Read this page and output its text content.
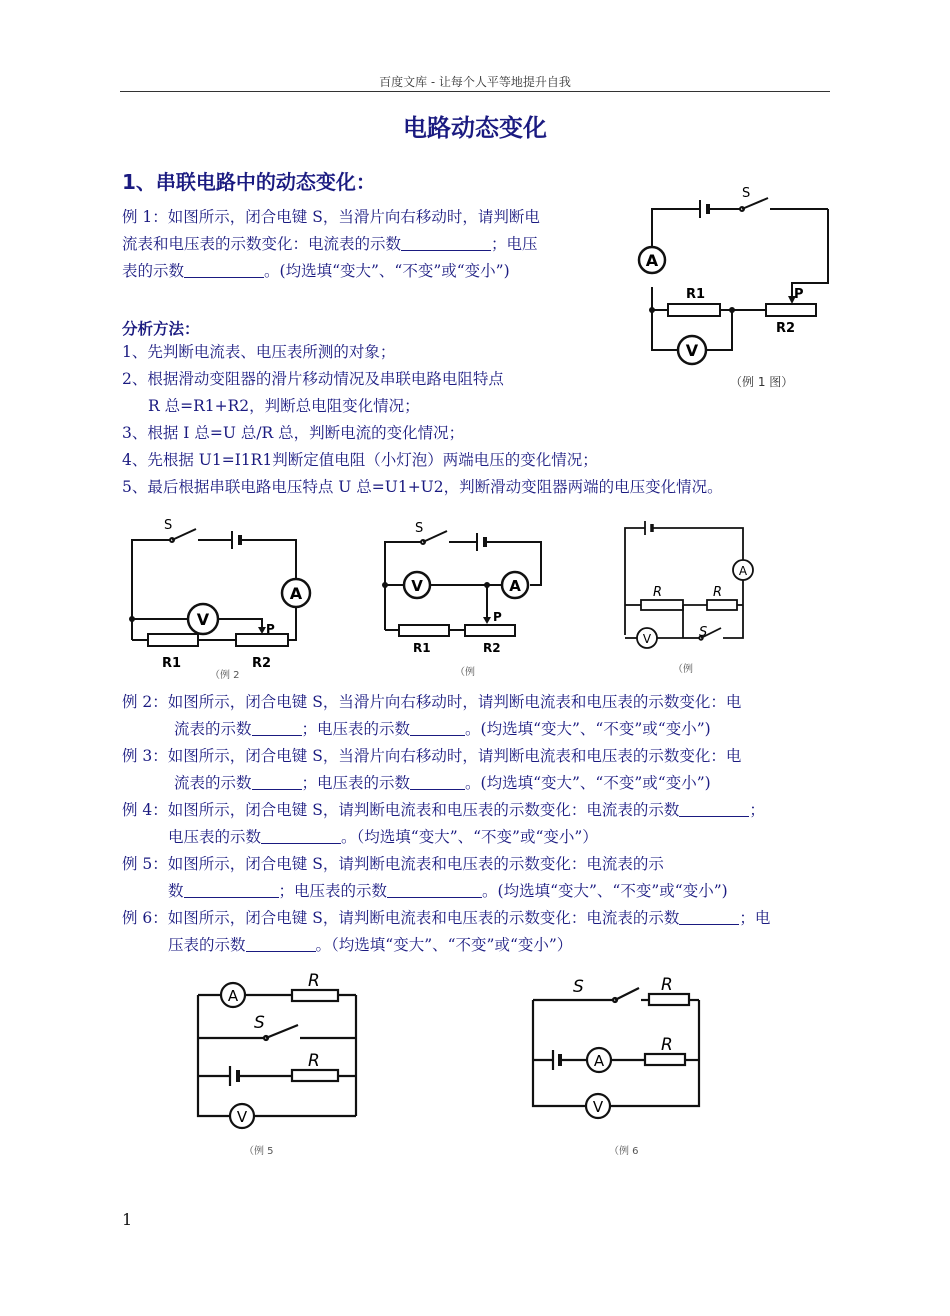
百度文库 - 让每个人平等地提升自我
电路动态变化
1、串联电路中的动态变化：
例 1：如图所示，闭合电键 S，当滑片向右移动时，请判断电
流表和电压表的示数变化：电流表的示数	；电压
表的示数	。(均选填“变大”、“不变”或“变小”)
A
V
S
P
R1
R2
（例 1 图）
分析方法：
1、先判断电流表、电压表所测的对象；
2、根据滑动变阻器的滑片移动情况及串联电路电阻特点
R 总=R1+R2，判断总电阻变化情况；
3、根据 I 总=U 总/R 总，判断电流的变化情况；
4、先根据 U1=I1R1判断定值电阻（小灯泡）两端电压的变化情况；
5、最后根据串联电路电压特点 U 总=U1+U2，判断滑动变阻器两端的电压变化情况。
A
V
S
P
R1	R2
（例 2
V	A
S
P
R1	R2
（例
A
V
R	R
S
（例
例 2：如图所示，闭合电键 S，当滑片向右移动时，请判断电流表和电压表的示数变化：电
流表的示数	；电压表的示数	。(均选填“变大”、“不变”或“变小”)
例 3：如图所示，闭合电键 S，当滑片向右移动时，请判断电流表和电压表的示数变化：电
流表的示数	；电压表的示数	。(均选填“变大”、“不变”或“变小”)
例 4：如图所示，闭合电键 S，请判断电流表和电压表的示数变化：电流表的示数	；
电压表的示数	。（均选填“变大”、“不变”或“变小”）
例 5：如图所示，闭合电键 S，请判断电流表和电压表的示数变化：电流表的示
数	；电压表的示数	。(均选填“变大”、“不变”或“变小”)
例 6：如图所示，闭合电键 S，请判断电流表和电压表的示数变化：电流表的示数	；电
压表的示数	。（均选填“变大”、“不变”或“变小”）
A
V
R
R
S
（例 5
A
V
S	R
R
（例 6
1
